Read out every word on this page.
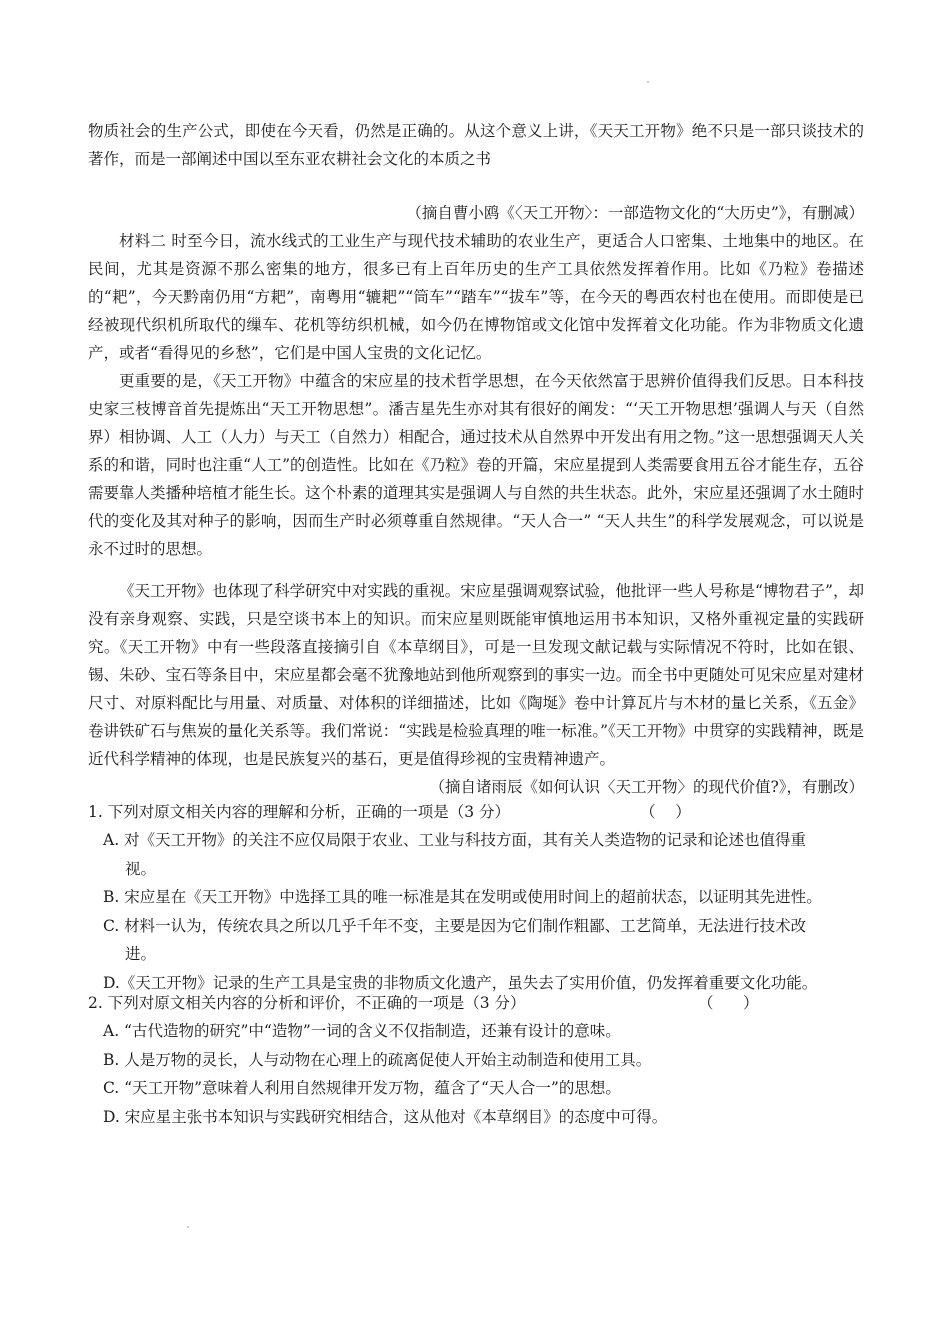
物质社会的生产公式，即使在今天看，仍然是正确的。从这个意义上讲，《天天工开物》绝不只是一部只谈技术的著作，而是一部阐述中国以至东亚农耕社会文化的本质之书

（摘自曹小鸥《〈天工开物〉：一部造物文化的“大历史”》，有删减）

材料二 时至今日，流水线式的工业生产与现代技术辅助的农业生产，更适合人口密集、土地集中的地区。在民间，尤其是资源不那么密集的地方，很多已有上百年历史的生产工具依然发挥着作用。比如《乃粒》卷描述的“耙”，今天黔南仍用“方耙”，南粤用“辘耙”“筒车”“踏车”“拔车”等，在今天的粤西农村也在使用。而即使是已经被现代织机所取代的缫车、花机等纺织机械，如今仍在博物馆或文化馆中发挥着文化功能。作为非物质文化遗产，或者“看得见的乡愁”，它们是中国人宝贵的文化记忆。

更重要的是，《天工开物》中蕴含的宋应星的技术哲学思想，在今天依然富于思辨价值得我们反思。日本科技史家三枝博音首先提炼出“天工开物思想”。潘吉星先生亦对其有很好的阐发：“‘天工开物思想’强调人与天（自然界）相协调、人工（人力）与天工（自然力）相配合，通过技术从自然界中开发出有用之物。”这一思想强调天人关系的和谐，同时也注重“人工”的创造性。比如在《乃粒》卷的开篇，宋应星提到人类需要食用五谷才能生存，五谷需要靠人类播种培植才能生长。这个朴素的道理其实是强调人与自然的共生状态。此外，宋应星还强调了水土随时代的变化及其对种子的影响，因而生产时必须尊重自然规律。“天人合一” “天人共生”的科学发展观念，可以说是永不过时的思想。

《天工开物》也体现了科学研究中对实践的重视。宋应星强调观察试验，他批评一些人号称是“博物君子”，却没有亲身观察、实践，只是空谈书本上的知识。而宋应星则既能审慎地运用书本知识，又格外重视定量的实践研究。《天工开物》中有一些段落直接摘引自《本草纲目》，可是一旦发现文献记载与实际情况不符时，比如在银、锡、朱砂、宝石等条目中，宋应星都会毫不犹豫地站到他所观察到的事实一边。而全书中更随处可见宋应星对建材尺寸、对原料配比与用量、对质量、对体积的详细描述，比如《陶埏》卷中计算瓦片与木材的量匕关系，《五金》卷讲铁矿石与焦炭的量化关系等。我们常说：“实践是检验真理的唯一标准。”《天工开物》中贯穿的实践精神，既是近代科学精神的体现，也是民族复兴的基石，更是值得珍视的宝贵精神遗产。

（摘自诸雨辰《如何认识〈天工开物〉的现代价值?》，有删改）

1. 下列对原文相关内容的理解和分析，正确的一项是（3 分）	（    ）
A. 对《天工开物》的关注不应仅局限于农业、工业与科技方面，其有关人类造物的记录和论述也值得重
视。
B. 宋应星在《天工开物》中选择工具的唯一标准是其在发明或使用时间上的超前状态，以证明其先进性。
C. 材料一认为，传统农具之所以几乎千年不变，主要是因为它们制作粗鄙、工艺简单，无法进行技术改
进。
D.《天工开物》记录的生产工具是宝贵的非物质文化遗产，虽失去了实用价值，仍发挥着重要文化功能。
2. 下列对原文相关内容的分析和评价，不正确的一项是（3 分）	（      ）
A. “古代造物的研究”中“造物”一词的含义不仅指制造，还兼有设计的意味。
B. 人是万物的灵长，人与动物在心理上的疏离促使人开始主动制造和使用工具。
C. “天工开物”意味着人利用自然规律开发万物，蕴含了“天人合一”的思想。
D. 宋应星主张书本知识与实践研究相结合，这从他对《本草纲目》的态度中可得。
